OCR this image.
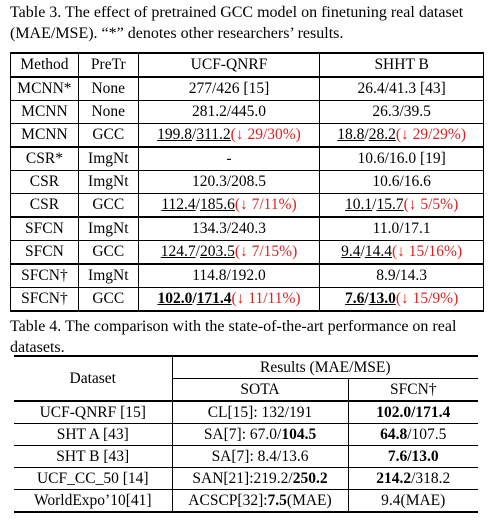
Table 3. The effect of pretrained GCC model on finetuning real dataset (MAE/MSE). “*” denotes other researchers’ results.
Method	PreTr	UCF-QNRF	SHHT B
MCNN*	None	277/426 [15]	26.4/41.3 [43]
MCNN	None	281.2/445.0	26.3/39.5
MCNN	GCC	199.8/311.2(↓ 29/30%)	18.8/28.2(↓ 29/29%)
CSR*	ImgNt	-	10.6/16.0 [19]
CSR	ImgNt	120.3/208.5	10.6/16.6
CSR	GCC	112.4/185.6(↓ 7/11%)	10.1/15.7(↓ 5/5%)
SFCN	ImgNt	134.3/240.3	11.0/17.1
SFCN	GCC	124.7/203.5(↓ 7/15%)	9.4/14.4(↓ 15/16%)
SFCN†	ImgNt	114.8/192.0	8.9/14.3
SFCN†	GCC	102.0/171.4(↓ 11/11%)	7.6/13.0(↓ 15/9%)
Table 4. The comparison with the state-of-the-art performance on real datasets.
Dataset	Results (MAE/MSE)	
	SOTA	SFCN†
UCF-QNRF [15]	CL[15]: 132/191	102.0/171.4
SHT A [43]	SA[7]: 67.0/104.5	64.8/107.5
SHT B [43]	SA[7]: 8.4/13.6	7.6/13.0
UCF_CC_50 [14]	SAN[21]:219.2/250.2	214.2/318.2
WorldExpo’10[41]	ACSCP[32]:7.5(MAE)	9.4(MAE)
